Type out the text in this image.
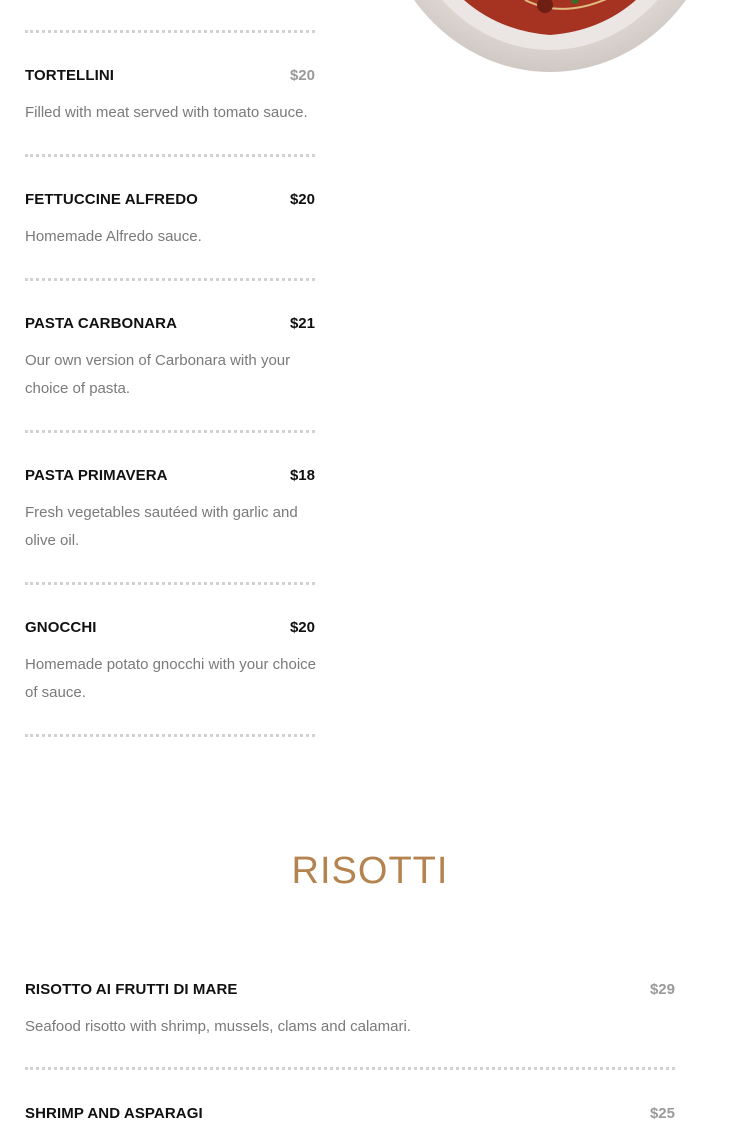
TORTELLINI	$20
Filled with meat served with tomato sauce.
FETTUCCINE ALFREDO	$20
Homemade Alfredo sauce.
PASTA CARBONARA	$21
Our own version of Carbonara with your choice of pasta.
PASTA PRIMAVERA	$18
Fresh vegetables sautéed with garlic and olive oil.
GNOCCHI	$20
Homemade potato gnocchi with your choice of sauce.
RISOTTI
RISOTTO AI FRUTTI DI MARE	$29
Seafood risotto with shrimp, mussels, clams and calamari.
SHRIMP AND ASPARAGI	$25
